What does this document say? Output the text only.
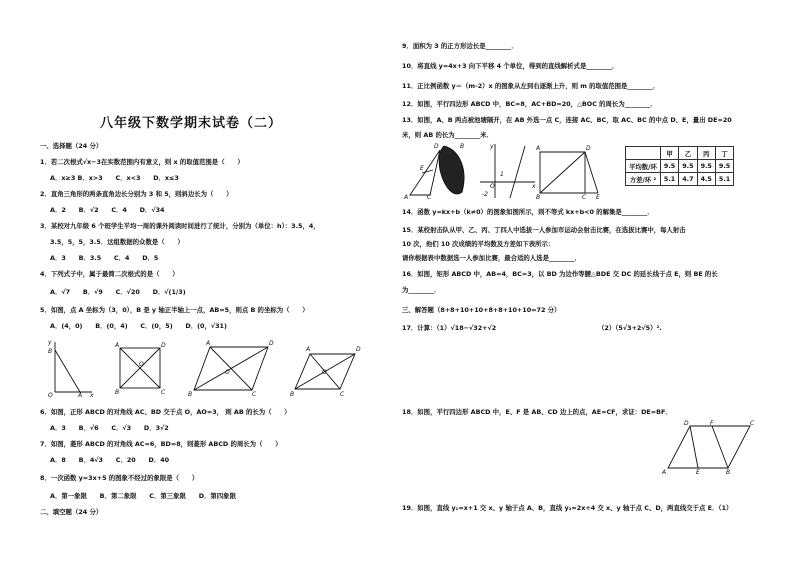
八年级下数学期末试卷（二）
一、选择题（24 分）
1．若二次根式√x−3在实数范围内有意义，则 x 的取值范围是（　　）
A．x≥3 B．x>3　　C．x<3　　D．x≤3
2．直角三角形的两条直角边长分别为 3 和 5，则斜边长为（　　）
A．2　　B．√2　　C．4　　D．√34
3．某校对九年级 6 个班学生平均一周的课外阅读时间进行了统计，分别为（单位：h）：3.5，4，
3.5，5，5，3.5．这组数据的众数是（　　）
A．3　　B．3.5　　C．4　　D．5
4．下列式子中，属于最简二次根式的是（　　）
A．√7　　B．√9　　C．√20　　D．√(1/3)
5．如图，点 A 坐标为（3，0），B 是 y 轴正半轴上一点，AB=5，则点 B 的坐标为（　　）
A．(4，0)　　B．(0，4)　　C．(0，5)　　D．(0，√31)
y
B
O	A x
A	D
B	C
O
A	D
B	C
O
A	D
B	C
O
6．如图，正形 ABCD 的对角线 AC、BD 交于点 O，AO=3， 则 AB 的长为（　　）
A．3　　B．√6　　C．√3　　D．3√2
7．如图，菱形 ABCD 的对角线 AC=6，BD=8，则菱形 ABCD 的周长为（　　）
A．8　　B．4√3　　C．20　　D．40
8．一次函数 y=3x+5 的图象不经过的象限是（　　）
A．第一象限　　B．第二象限　　C．第三象限　　D．第四象限
二、填空题（24 分）
9．面积为 3 的正方形边长是________．
10．将直线 y=4x+3 向下平移 4 个单位，得到的直线解析式是________．
11．正比例函数 y＝（m-2）x 的图象从左到右逐渐上升，则 m 的取值范围是________．
12．如图，平行四边形 ABCD 中，BC=8，AC+BD=20，△BOC 的周长为________．
13．如图，A、B 两点被池塘隔开，在 AB 外选一点 C，连接 AC、BC，取 AC、BC 的中点 D、E，量出 DE=20
米，则 AB 的长为________米．
D
A	C
E
B	y
x
O
-2
1
A	D
B	C E
	甲	乙	丙	丁
平均数/环	9.5	9.5	9.5	9.5
方差/环 ²	5.1	4.7	4.5	5.1
14．函数 y=kx+b（k≠0）的图象如图所示，则不等式 kx+b<0 的解集是________．
15．某校射击队从甲、乙、丙、丁四人中选拔一人参加市运动会射击比赛，在选拔比赛中，每人射击
10 次，他们 10 次成绩的平均数及方差如下表所示：
请你根据表中数据选一人参加比赛，最合适的人选是________．
16．如图，矩形 ABCD 中，AB=4，BC=3，以 BD 为边作等腰△BDE 交 DC 的延长线于点 E，则 BE 的长
为________．
三、解答题（8+8+10+10+8+8+10+10=72 分）
17．计算：（1）√18−√32+√2	（2）（5√3+2√5）².
18．如图，平行四边形 ABCD 中，E、F 是 AB、CD 边上的点，AE=CF，求证：DE=BF．
D	F	C
A	E	B
19．如图，直线 y₁=x+1 交 x、y 轴于点 A、B，直线 y₂=2x+4 交 x、y 轴于点 C、D，两直线交于点 E．（1）
